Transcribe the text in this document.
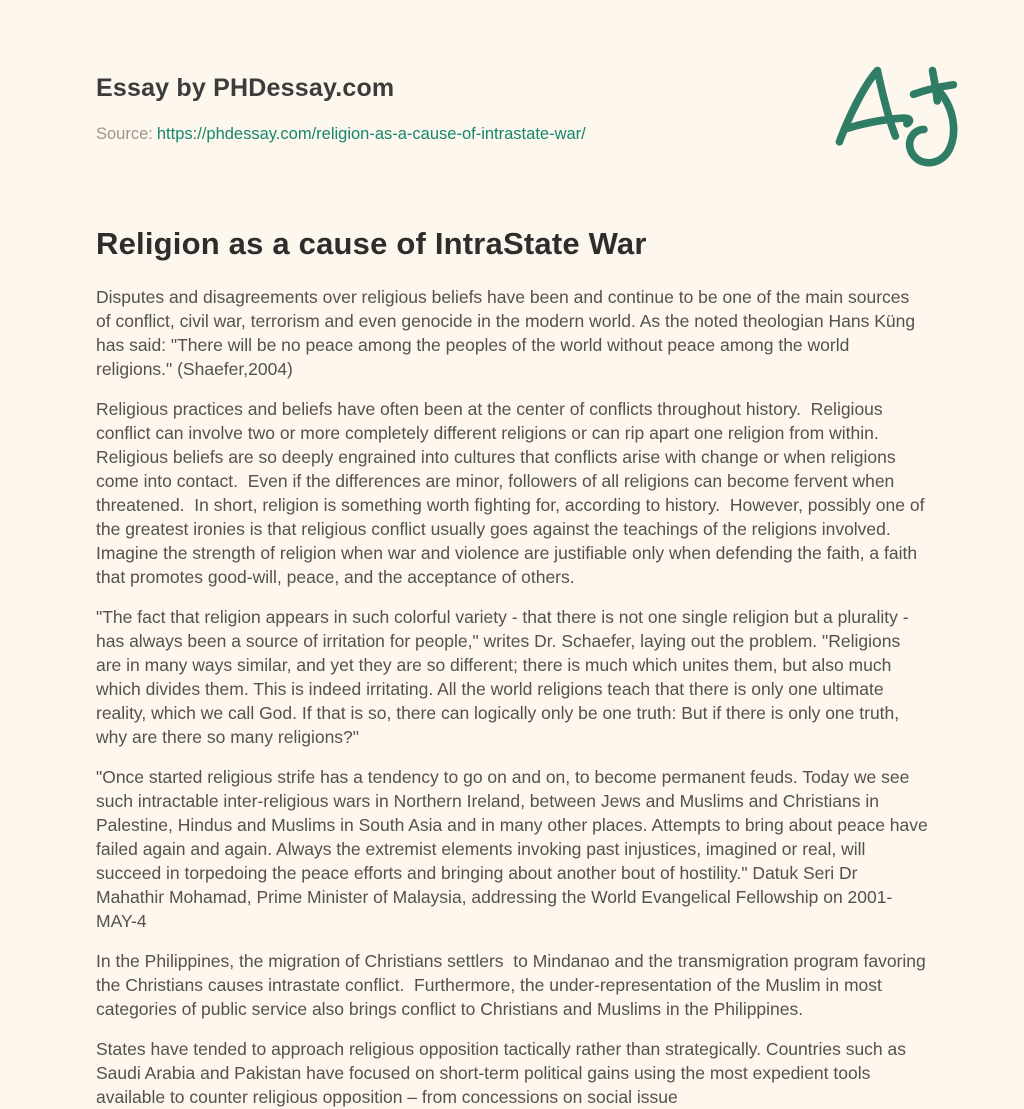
Essay by PHDessay.com

Source: https://phdessay.com/religion-as-a-cause-of-intrastate-war/

Religion as a cause of IntraState War

Disputes and disagreements over religious beliefs have been and continue to be one of the main sources of conflict, civil war, terrorism and even genocide in the modern world. As the noted theologian Hans Küng has said: "There will be no peace among the peoples of the world without peace among the world religions." (Shaefer,2004)

Religious practices and beliefs have often been at the center of conflicts throughout history.  Religious conflict can involve two or more completely different religions or can rip apart one religion from within.  Religious beliefs are so deeply engrained into cultures that conflicts arise with change or when religions come into contact.  Even if the differences are minor, followers of all religions can become fervent when threatened.  In short, religion is something worth fighting for, according to history.  However, possibly one of the greatest ironies is that religious conflict usually goes against the teachings of the religions involved.  Imagine the strength of religion when war and violence are justifiable only when defending the faith, a faith that promotes good-will, peace, and the acceptance of others.

"The fact that religion appears in such colorful variety - that there is not one single religion but a plurality - has always been a source of irritation for people," writes Dr. Schaefer, laying out the problem. "Religions are in many ways similar, and yet they are so different; there is much which unites them, but also much which divides them. This is indeed irritating. All the world religions teach that there is only one ultimate reality, which we call God. If that is so, there can logically only be one truth: But if there is only one truth, why are there so many religions?"

"Once started religious strife has a tendency to go on and on, to become permanent feuds. Today we see such intractable inter-religious wars in Northern Ireland, between Jews and Muslims and Christians in Palestine, Hindus and Muslims in South Asia and in many other places. Attempts to bring about peace have failed again and again. Always the extremist elements invoking past injustices, imagined or real, will succeed in torpedoing the peace efforts and bringing about another bout of hostility." Datuk Seri Dr Mahathir Mohamad, Prime Minister of Malaysia, addressing the World Evangelical Fellowship on 2001-MAY-4

In the Philippines, the migration of Christians settlers  to Mindanao and the transmigration program favoring the Christians causes intrastate conflict.  Furthermore, the under-representation of the Muslim in most categories of public service also brings conflict to Christians and Muslims in the Philippines.

States have tended to approach religious opposition tactically rather than strategically. Countries such as Saudi Arabia and Pakistan have focused on short-term political gains using the most expedient tools available to counter religious opposition – from concessions on social issue
